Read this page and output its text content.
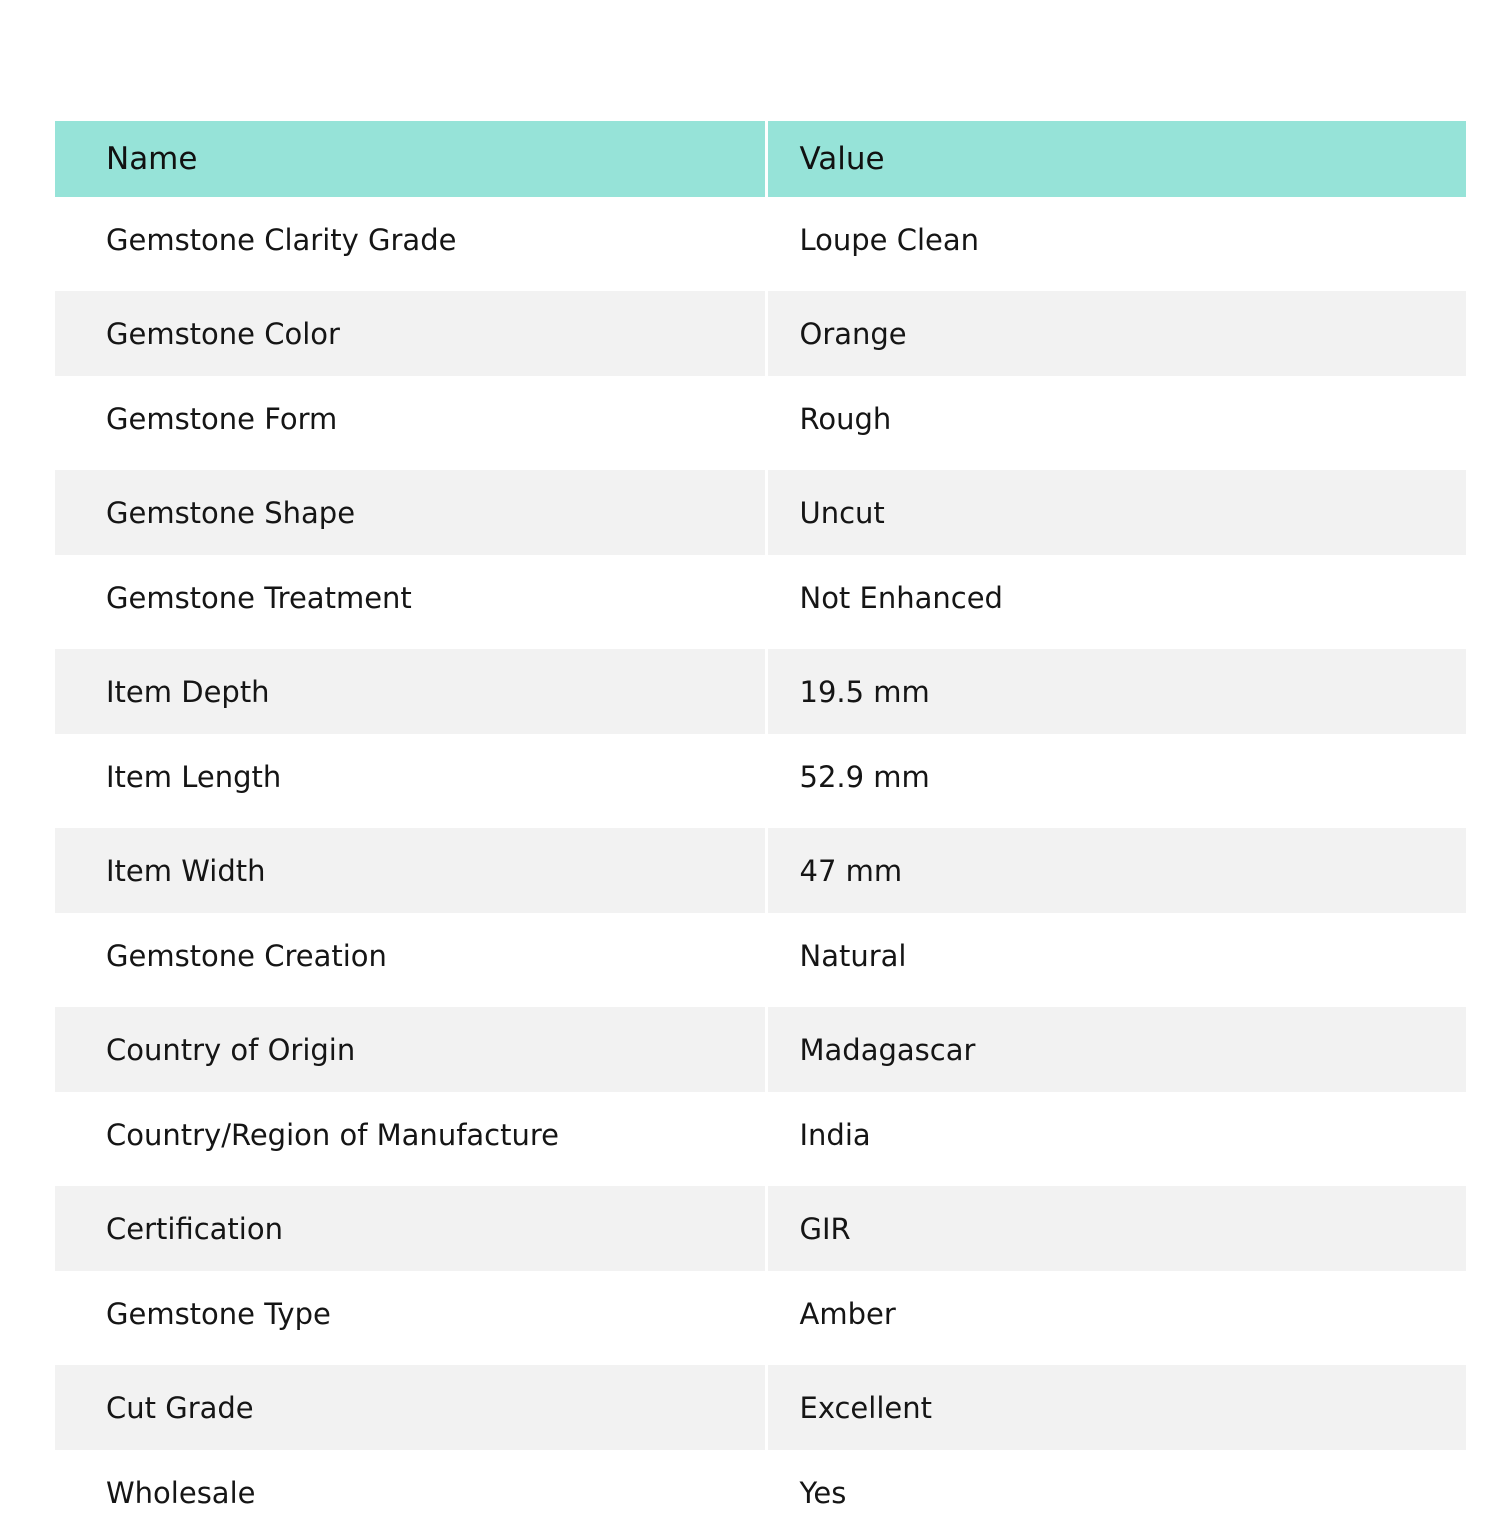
Name	Value
Gemstone Clarity Grade	Loupe Clean
Gemstone Color	Orange
Gemstone Form	Rough
Gemstone Shape	Uncut
Gemstone Treatment	Not Enhanced
Item Depth	19.5 mm
Item Length	52.9 mm
Item Width	47 mm
Gemstone Creation	Natural
Country of Origin	Madagascar
Country/Region of Manufacture	India
Certification	GIR
Gemstone Type	Amber
Cut Grade	Excellent
Wholesale	Yes
